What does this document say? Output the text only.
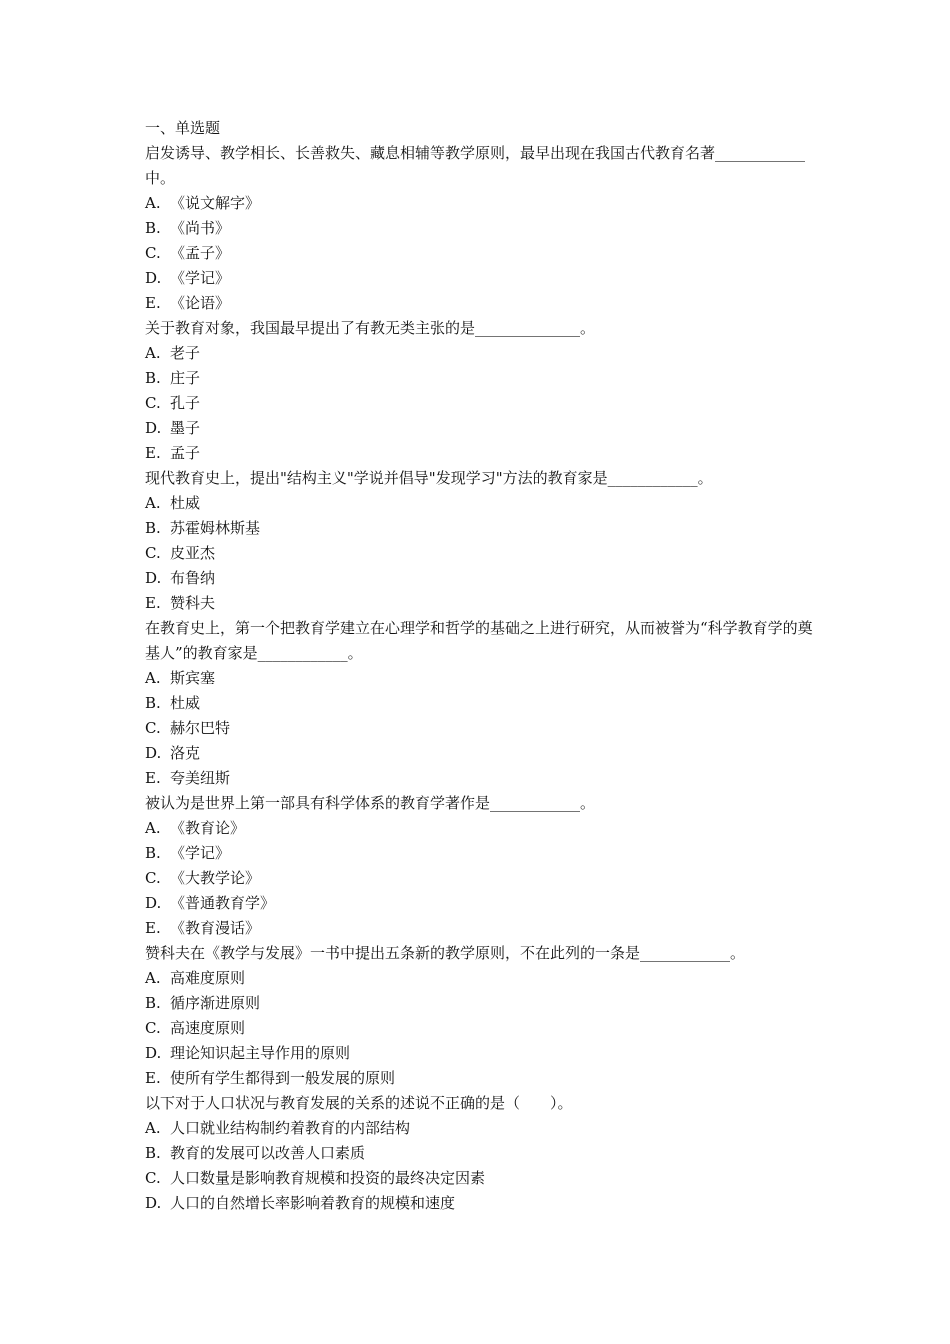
一、单选题

启发诱导、教学相长、长善救失、藏息相辅等教学原则，最早出现在我国古代教育名著____________中。

A. 《说文解字》

B. 《尚书》

C. 《孟子》

D. 《学记》

E. 《论语》

关于教育对象，我国最早提出了有教无类主张的是______________。

A. 老子

B. 庄子

C. 孔子

D. 墨子

E. 孟子

现代教育史上，提出"结构主义"学说并倡导"发现学习"方法的教育家是____________。

A. 杜威

B. 苏霍姆林斯基

C. 皮亚杰

D. 布鲁纳

E. 赞科夫

在教育史上，第一个把教育学建立在心理学和哲学的基础之上进行研究，从而被誉为“科学教育学的奠基人”的教育家是____________。

A. 斯宾塞

B. 杜威

C. 赫尔巴特

D. 洛克

E. 夸美纽斯

被认为是世界上第一部具有科学体系的教育学著作是____________。

A. 《教育论》

B. 《学记》

C. 《大教学论》

D. 《普通教育学》

E. 《教育漫话》

赞科夫在《教学与发展》一书中提出五条新的教学原则，不在此列的一条是____________。

A. 高难度原则

B. 循序渐进原则

C. 高速度原则

D. 理论知识起主导作用的原则

E. 使所有学生都得到一般发展的原则

以下对于人口状况与教育发展的关系的述说不正确的是（　　）。

A. 人口就业结构制约着教育的内部结构

B. 教育的发展可以改善人口素质

C. 人口数量是影响教育规模和投资的最终决定因素

D. 人口的自然增长率影响着教育的规模和速度
